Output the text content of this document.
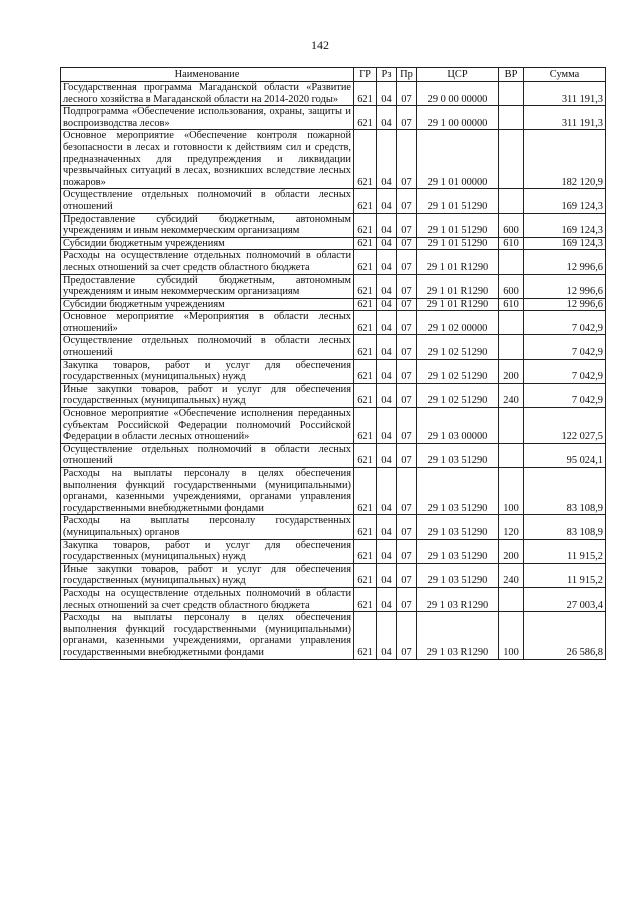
142
Наименование	ГР	Рз	Пр	ЦСР	ВР	Сумма
Государственная программа Магаданской области «Развитие лесного хозяйства в Магаданской области на 2014-2020 годы»	621	04	07	29 0 00 00000		311 191,3
Подпрограмма «Обеспечение использования, охраны, защиты и воспроизводства лесов»	621	04	07	29 1 00 00000		311 191,3
Основное мероприятие «Обеспечение контроля пожарной безопасности в лесах и готовности к действиям сил и средств, предназначенных для предупреждения и ликвидации чрезвычайных ситуаций в лесах, возникших вследствие лесных пожаров»	621	04	07	29 1 01 00000		182 120,9
Осуществление отдельных полномочий в области лесных отношений	621	04	07	29 1 01 51290		169 124,3
Предоставление субсидий бюджетным, автономным учреждениям и иным некоммерческим организациям	621	04	07	29 1 01 51290	600	169 124,3
Субсидии бюджетным учреждениям	621	04	07	29 1 01 51290	610	169 124,3
Расходы на осуществление отдельных полномочий в области лесных отношений за счет средств областного бюджета	621	04	07	29 1 01 R1290		12 996,6
Предоставление субсидий бюджетным, автономным учреждениям и иным некоммерческим организациям	621	04	07	29 1 01 R1290	600	12 996,6
Субсидии бюджетным учреждениям	621	04	07	29 1 01 R1290	610	12 996,6
Основное мероприятие «Мероприятия в области лесных отношений»	621	04	07	29 1 02 00000		7 042,9
Осуществление отдельных полномочий в области лесных отношений	621	04	07	29 1 02 51290		7 042,9
Закупка товаров, работ и услуг для обеспечения государственных (муниципальных) нужд	621	04	07	29 1 02 51290	200	7 042,9
Иные закупки товаров, работ и услуг для обеспечения государственных (муниципальных) нужд	621	04	07	29 1 02 51290	240	7 042,9
Основное мероприятие «Обеспечение исполнения переданных субъектам Российской Федерации полномочий Российской Федерации в области лесных отношений»	621	04	07	29 1 03 00000		122 027,5
Осуществление отдельных полномочий в области лесных отношений	621	04	07	29 1 03 51290		95 024,1
Расходы на выплаты персоналу в целях обеспечения выполнения функций государственными (муниципальными) органами, казенными учреждениями, органами управления государственными внебюджетными фондами	621	04	07	29 1 03 51290	100	83 108,9
Расходы на выплаты персоналу государственных (муниципальных) органов	621	04	07	29 1 03 51290	120	83 108,9
Закупка товаров, работ и услуг для обеспечения государственных (муниципальных) нужд	621	04	07	29 1 03 51290	200	11 915,2
Иные закупки товаров, работ и услуг для обеспечения государственных (муниципальных) нужд	621	04	07	29 1 03 51290	240	11 915,2
Расходы на осуществление отдельных полномочий в области лесных отношений за счет средств областного бюджета	621	04	07	29 1 03 R1290		27 003,4
Расходы на выплаты персоналу в целях обеспечения выполнения функций государственными (муниципальными) органами, казенными учреждениями, органами управления государственными внебюджетными фондами	621	04	07	29 1 03 R1290	100	26 586,8
